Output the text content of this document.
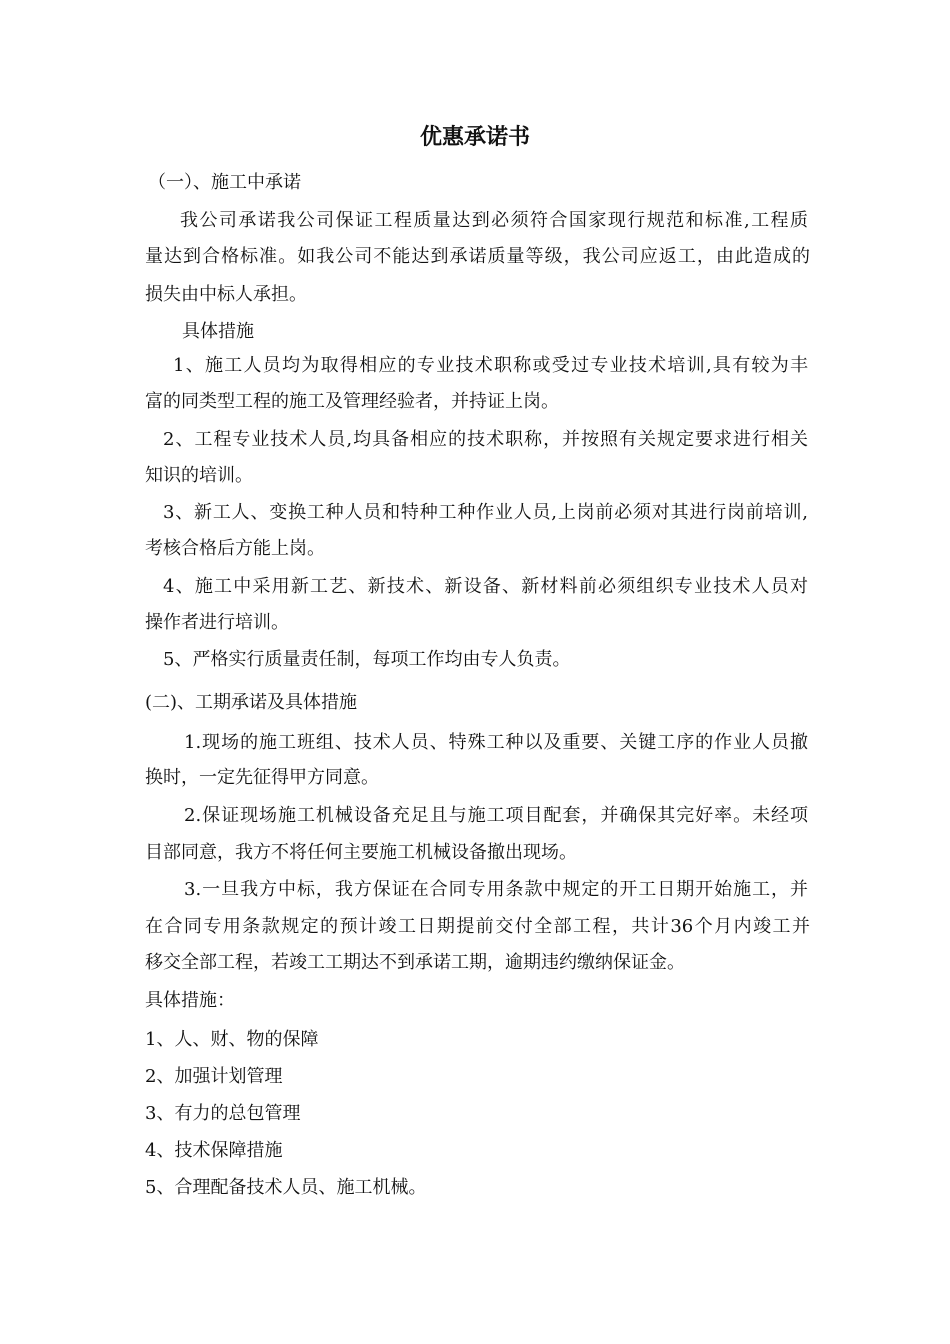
优惠承诺书

（一）、施工中承诺

我公司承诺我公司保证工程质量达到必须符合国家现行规范和标准,工程质

量达到合格标准。如我公司不能达到承诺质量等级，我公司应返工，由此造成的

损失由中标人承担。

具体措施

1、施工人员均为取得相应的专业技术职称或受过专业技术培训,具有较为丰

富的同类型工程的施工及管理经验者，并持证上岗。

2、工程专业技术人员,均具备相应的技术职称，并按照有关规定要求进行相关

知识的培训。

3、新工人、变换工种人员和特种工种作业人员,上岗前必须对其进行岗前培训,

考核合格后方能上岗。

4、施工中采用新工艺、新技术、新设备、新材料前必须组织专业技术人员对

操作者进行培训。

5、严格实行质量责任制，每项工作均由专人负责。

(二)、工期承诺及具体措施

1.现场的施工班组、技术人员、特殊工种以及重要、关键工序的作业人员撤

换时，一定先征得甲方同意。

2.保证现场施工机械设备充足且与施工项目配套，并确保其完好率。未经项

目部同意，我方不将任何主要施工机械设备撤出现场。

3.一旦我方中标，我方保证在合同专用条款中规定的开工日期开始施工，并

在合同专用条款规定的预计竣工日期提前交付全部工程，共计36个月内竣工并

移交全部工程，若竣工工期达不到承诺工期，逾期违约缴纳保证金。

具体措施：

1、人、财、物的保障

2、加强计划管理

3、有力的总包管理

4、技术保障措施

5、合理配备技术人员、施工机械。
